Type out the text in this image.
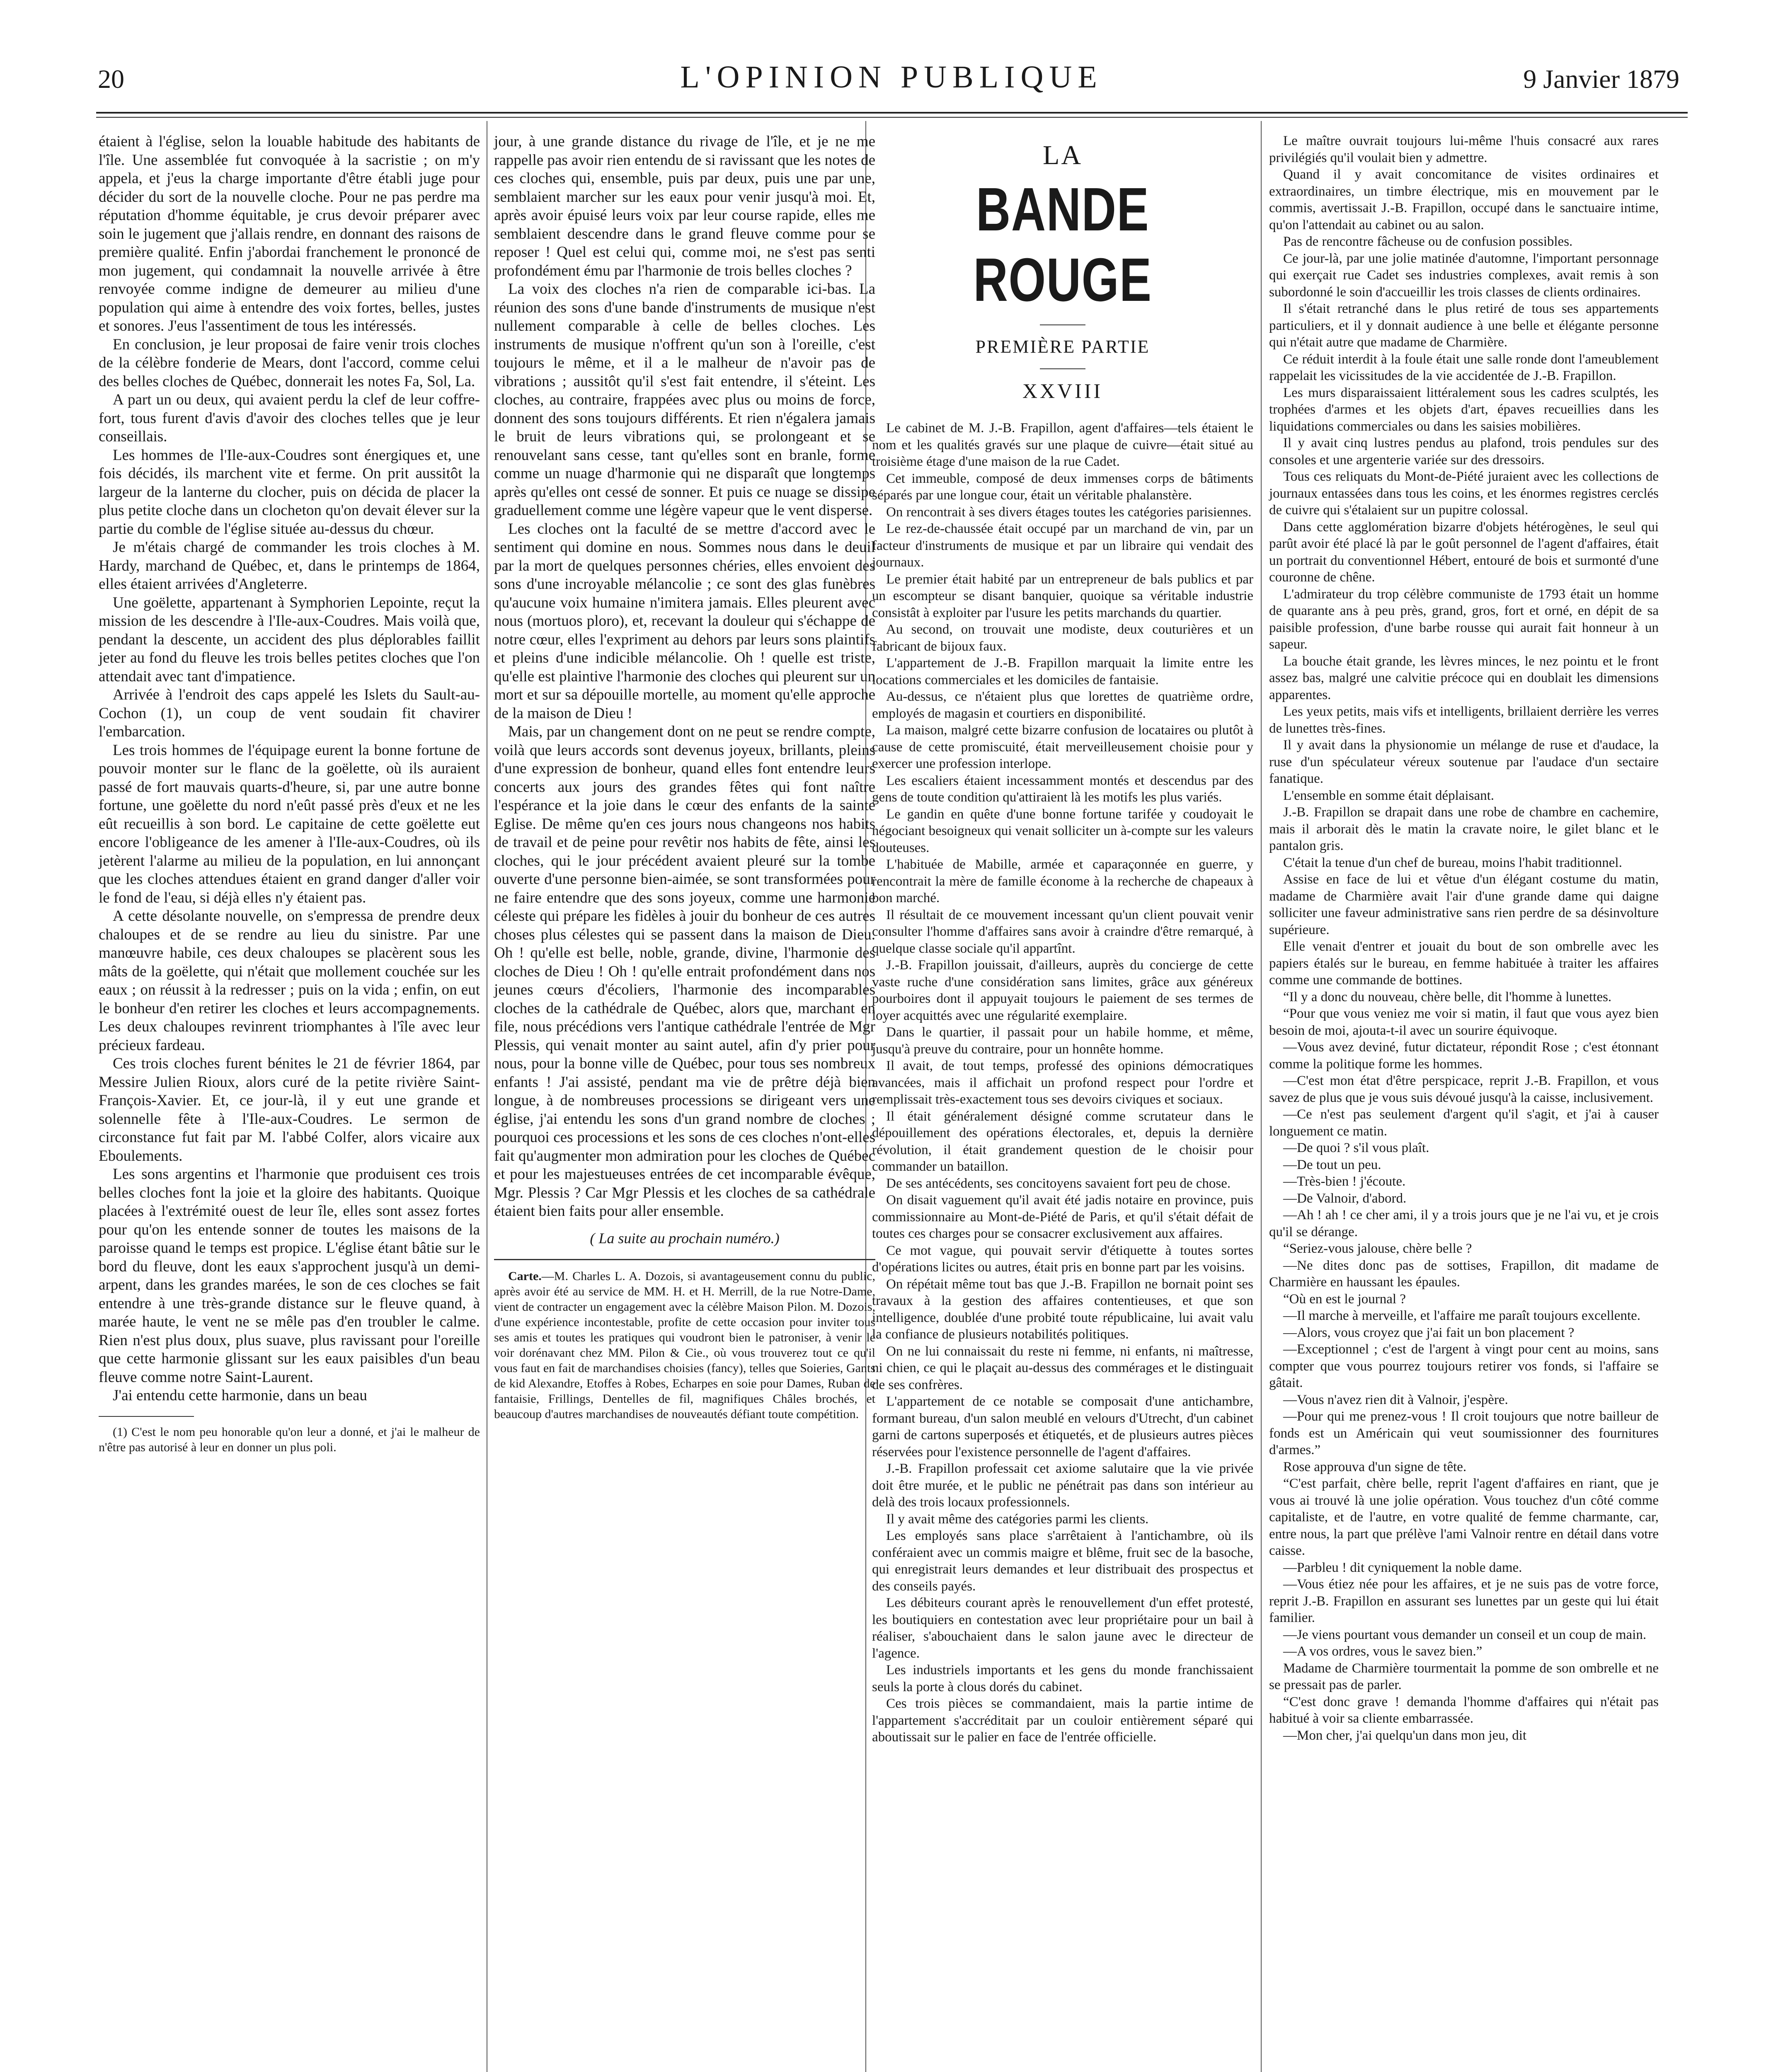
20	L'OPINION PUBLIQUE	9 Janvier 1879

étaient à l'église, selon la louable habitude des habitants de l'île. Une assemblée fut convoquée à la sacristie ; on m'y appela, et j'eus la charge importante d'être établi juge pour décider du sort de la nouvelle cloche. Pour ne pas perdre ma réputation d'homme équitable, je crus devoir préparer avec soin le jugement que j'allais rendre, en donnant des raisons de première qualité. Enfin j'abordai franchement le prononcé de mon jugement, qui condamnait la nouvelle arrivée à être renvoyée comme indigne de demeurer au milieu d'une population qui aime à entendre des voix fortes, belles, justes et sonores. J'eus l'assentiment de tous les intéressés.

En conclusion, je leur proposai de faire venir trois cloches de la célèbre fonderie de Mears, dont l'accord, comme celui des belles cloches de Québec, donnerait les notes Fa, Sol, La.

A part un ou deux, qui avaient perdu la clef de leur coffre-fort, tous furent d'avis d'avoir des cloches telles que je leur conseillais.

Les hommes de l'Ile-aux-Coudres sont énergiques et, une fois décidés, ils marchent vite et ferme. On prit aussitôt la largeur de la lanterne du clocher, puis on décida de placer la plus petite cloche dans un clocheton qu'on devait élever sur la partie du comble de l'église située au-dessus du chœur.

Je m'étais chargé de commander les trois cloches à M. Hardy, marchand de Québec, et, dans le printemps de 1864, elles étaient arrivées d'Angleterre.

Une goëlette, appartenant à Symphorien Lepointe, reçut la mission de les descendre à l'Ile-aux-Coudres. Mais voilà que, pendant la descente, un accident des plus déplorables faillit jeter au fond du fleuve les trois belles petites cloches que l'on attendait avec tant d'impatience.

Arrivée à l'endroit des caps appelé les Islets du Sault-au-Cochon (1), un coup de vent soudain fit chavirer l'embarcation.

Les trois hommes de l'équipage eurent la bonne fortune de pouvoir monter sur le flanc de la goëlette, où ils auraient passé de fort mauvais quarts-d'heure, si, par une autre bonne fortune, une goëlette du nord n'eût passé près d'eux et ne les eût recueillis à son bord. Le capitaine de cette goëlette eut encore l'obligeance de les amener à l'Ile-aux-Coudres, où ils jetèrent l'alarme au milieu de la population, en lui annonçant que les cloches attendues étaient en grand danger d'aller voir le fond de l'eau, si déjà elles n'y étaient pas.

A cette désolante nouvelle, on s'empressa de prendre deux chaloupes et de se rendre au lieu du sinistre. Par une manœuvre habile, ces deux chaloupes se placèrent sous les mâts de la goëlette, qui n'était que mollement couchée sur les eaux ; on réussit à la redresser ; puis on la vida ; enfin, on eut le bonheur d'en retirer les cloches et leurs accompagnements. Les deux chaloupes revinrent triomphantes à l'île avec leur précieux fardeau.

Ces trois cloches furent bénites le 21 de février 1864, par Messire Julien Rioux, alors curé de la petite rivière Saint-François-Xavier. Et, ce jour-là, il y eut une grande et solennelle fête à l'Ile-aux-Coudres. Le sermon de circonstance fut fait par M. l'abbé Colfer, alors vicaire aux Eboulements.

Les sons argentins et l'harmonie que produisent ces trois belles cloches font la joie et la gloire des habitants. Quoique placées à l'extrémité ouest de leur île, elles sont assez fortes pour qu'on les entende sonner de toutes les maisons de la paroisse quand le temps est propice. L'église étant bâtie sur le bord du fleuve, dont les eaux s'approchent jusqu'à un demi-arpent, dans les grandes marées, le son de ces cloches se fait entendre à une très-grande distance sur le fleuve quand, à marée haute, le vent ne se mêle pas d'en troubler le calme. Rien n'est plus doux, plus suave, plus ravissant pour l'oreille que cette harmonie glissant sur les eaux paisibles d'un beau fleuve comme notre Saint-Laurent.

J'ai entendu cette harmonie, dans un beau

(1) C'est le nom peu honorable qu'on leur a donné, et j'ai le malheur de n'être pas autorisé à leur en donner un plus poli.

jour, à une grande distance du rivage de l'île, et je ne me rappelle pas avoir rien entendu de si ravissant que les notes de ces cloches qui, ensemble, puis par deux, puis une par une, semblaient marcher sur les eaux pour venir jusqu'à moi. Et, après avoir épuisé leurs voix par leur course rapide, elles me semblaient descendre dans le grand fleuve comme pour se reposer ! Quel est celui qui, comme moi, ne s'est pas senti profondément ému par l'harmonie de trois belles cloches ?

La voix des cloches n'a rien de comparable ici-bas. La réunion des sons d'une bande d'instruments de musique n'est nullement comparable à celle de belles cloches. Les instruments de musique n'offrent qu'un son à l'oreille, c'est toujours le même, et il a le malheur de n'avoir pas de vibrations ; aussitôt qu'il s'est fait entendre, il s'éteint. Les cloches, au contraire, frappées avec plus ou moins de force, donnent des sons toujours différents. Et rien n'égalera jamais le bruit de leurs vibrations qui, se prolongeant et se renouvelant sans cesse, tant qu'elles sont en branle, forme comme un nuage d'harmonie qui ne disparaît que longtemps après qu'elles ont cessé de sonner. Et puis ce nuage se dissipe graduellement comme une légère vapeur que le vent disperse.

Les cloches ont la faculté de se mettre d'accord avec le sentiment qui domine en nous. Sommes nous dans le deuil par la mort de quelques personnes chéries, elles envoient des sons d'une incroyable mélancolie ; ce sont des glas funèbres qu'aucune voix humaine n'imitera jamais. Elles pleurent avec nous (mortuos ploro), et, recevant la douleur qui s'échappe de notre cœur, elles l'expriment au dehors par leurs sons plaintifs et pleins d'une indicible mélancolie. Oh ! quelle est triste, qu'elle est plaintive l'harmonie des cloches qui pleurent sur un mort et sur sa dépouille mortelle, au moment qu'elle approche de la maison de Dieu !

Mais, par un changement dont on ne peut se rendre compte, voilà que leurs accords sont devenus joyeux, brillants, pleins d'une expression de bonheur, quand elles font entendre leurs concerts aux jours des grandes fêtes qui font naître l'espérance et la joie dans le cœur des enfants de la sainte Eglise. De même qu'en ces jours nous changeons nos habits de travail et de peine pour revêtir nos habits de fête, ainsi les cloches, qui le jour précédent avaient pleuré sur la tombe ouverte d'une personne bien-aimée, se sont transformées pour ne faire entendre que des sons joyeux, comme une harmonie céleste qui prépare les fidèles à jouir du bonheur de ces autres choses plus célestes qui se passent dans la maison de Dieu. Oh ! qu'elle est belle, noble, grande, divine, l'harmonie des cloches de Dieu ! Oh ! qu'elle entrait profondément dans nos jeunes cœurs d'écoliers, l'harmonie des incomparables cloches de la cathédrale de Québec, alors que, marchant en file, nous précédions vers l'antique cathédrale l'entrée de Mgr Plessis, qui venait monter au saint autel, afin d'y prier pour nous, pour la bonne ville de Québec, pour tous ses nombreux enfants ! J'ai assisté, pendant ma vie de prêtre déjà bien longue, à de nombreuses processions se dirigeant vers une église, j'ai entendu les sons d'un grand nombre de cloches ; pourquoi ces processions et les sons de ces cloches n'ont-elles fait qu'augmenter mon admiration pour les cloches de Québec et pour les majestueuses entrées de cet incomparable évêque, Mgr. Plessis ? Car Mgr Plessis et les cloches de sa cathédrale étaient bien faits pour aller ensemble.

( La suite au prochain numéro.)

Carte.—M. Charles L. A. Dozois, si avantageusement connu du public, après avoir été au service de MM. H. et H. Merrill, de la rue Notre-Dame, vient de contracter un engagement avec la célèbre Maison Pilon. M. Dozois, d'une expérience incontestable, profite de cette occasion pour inviter tous ses amis et toutes les pratiques qui voudront bien le patroniser, à venir le voir dorénavant chez MM. Pilon & Cie., où vous trouverez tout ce qu'il vous faut en fait de marchandises choisies (fancy), telles que Soieries, Gants de kid Alexandre, Etoffes à Robes, Echarpes en soie pour Dames, Ruban de fantaisie, Frillings, Dentelles de fil, magnifiques Châles brochés, et beaucoup d'autres marchandises de nouveautés défiant toute compétition.

LA
BANDE ROUGE
PREMIÈRE PARTIE
XXVIII

Le cabinet de M. J.-B. Frapillon, agent d'affaires—tels étaient le nom et les qualités gravés sur une plaque de cuivre—était situé au troisième étage d'une maison de la rue Cadet.

Cet immeuble, composé de deux immenses corps de bâtiments séparés par une longue cour, était un véritable phalanstère.

On rencontrait à ses divers étages toutes les catégories parisiennes.

Le rez-de-chaussée était occupé par un marchand de vin, par un facteur d'instruments de musique et par un libraire qui vendait des journaux.

Le premier était habité par un entrepreneur de bals publics et par un escompteur se disant banquier, quoique sa véritable industrie consistât à exploiter par l'usure les petits marchands du quartier.

Au second, on trouvait une modiste, deux couturières et un fabricant de bijoux faux.

L'appartement de J.-B. Frapillon marquait la limite entre les locations commerciales et les domiciles de fantaisie.

Au-dessus, ce n'étaient plus que lorettes de quatrième ordre, employés de magasin et courtiers en disponibilité.

La maison, malgré cette bizarre confusion de locataires ou plutôt à cause de cette promiscuité, était merveilleusement choisie pour y exercer une profession interlope.

Les escaliers étaient incessamment montés et descendus par des gens de toute condition qu'attiraient là les motifs les plus variés.

Le gandin en quête d'une bonne fortune tarifée y coudoyait le négociant besoigneux qui venait solliciter un à-compte sur les valeurs douteuses.

L'habituée de Mabille, armée et caparaçonnée en guerre, y rencontrait la mère de famille économe à la recherche de chapeaux à bon marché.

Il résultait de ce mouvement incessant qu'un client pouvait venir consulter l'homme d'affaires sans avoir à craindre d'être remarqué, à quelque classe sociale qu'il appartînt.

J.-B. Frapillon jouissait, d'ailleurs, auprès du concierge de cette vaste ruche d'une considération sans limites, grâce aux généreux pourboires dont il appuyait toujours le paiement de ses termes de loyer acquittés avec une régularité exemplaire.

Dans le quartier, il passait pour un habile homme, et même, jusqu'à preuve du contraire, pour un honnête homme.

Il avait, de tout temps, professé des opinions démocratiques avancées, mais il affichait un profond respect pour l'ordre et remplissait très-exactement tous ses devoirs civiques et sociaux.

Il était généralement désigné comme scrutateur dans le dépouillement des opérations électorales, et, depuis la dernière révolution, il était grandement question de le choisir pour commander un bataillon.

De ses antécédents, ses concitoyens savaient fort peu de chose.

On disait vaguement qu'il avait été jadis notaire en province, puis commissionnaire au Mont-de-Piété de Paris, et qu'il s'était défait de toutes ces charges pour se consacrer exclusivement aux affaires.

Ce mot vague, qui pouvait servir d'étiquette à toutes sortes d'opérations licites ou autres, était pris en bonne part par les voisins.

On répétait même tout bas que J.-B. Frapillon ne bornait point ses travaux à la gestion des affaires contentieuses, et que son intelligence, doublée d'une probité toute républicaine, lui avait valu la confiance de plusieurs notabilités politiques.

On ne lui connaissait du reste ni femme, ni enfants, ni maîtresse, ni chien, ce qui le plaçait au-dessus des commérages et le distinguait de ses confrères.

L'appartement de ce notable se composait d'une antichambre, formant bureau, d'un salon meublé en velours d'Utrecht, d'un cabinet garni de cartons superposés et étiquetés, et de plusieurs autres pièces réservées pour l'existence personnelle de l'agent d'affaires.

J.-B. Frapillon professait cet axiome salutaire que la vie privée doit être murée, et le public ne pénétrait pas dans son intérieur au delà des trois locaux professionnels.

Il y avait même des catégories parmi les clients.

Les employés sans place s'arrêtaient à l'antichambre, où ils conféraient avec un commis maigre et blême, fruit sec de la basoche, qui enregistrait leurs demandes et leur distribuait des prospectus et des conseils payés.

Les débiteurs courant après le renouvellement d'un effet protesté, les boutiquiers en contestation avec leur propriétaire pour un bail à réaliser, s'abouchaient dans le salon jaune avec le directeur de l'agence.

Les industriels importants et les gens du monde franchissaient seuls la porte à clous dorés du cabinet.

Ces trois pièces se commandaient, mais la partie intime de l'appartement s'accréditait par un couloir entièrement séparé qui aboutissait sur le palier en face de l'entrée officielle.

Le maître ouvrait toujours lui-même l'huis consacré aux rares privilégiés qu'il voulait bien y admettre.

Quand il y avait concomitance de visites ordinaires et extraordinaires, un timbre électrique, mis en mouvement par le commis, avertissait J.-B. Frapillon, occupé dans le sanctuaire intime, qu'on l'attendait au cabinet ou au salon.

Pas de rencontre fâcheuse ou de confusion possibles.

Ce jour-là, par une jolie matinée d'automne, l'important personnage qui exerçait rue Cadet ses industries complexes, avait remis à son subordonné le soin d'accueillir les trois classes de clients ordinaires.

Il s'était retranché dans le plus retiré de tous ses appartements particuliers, et il y donnait audience à une belle et élégante personne qui n'était autre que madame de Charmière.

Ce réduit interdit à la foule était une salle ronde dont l'ameublement rappelait les vicissitudes de la vie accidentée de J.-B. Frapillon.

Les murs disparaissaient littéralement sous les cadres sculptés, les trophées d'armes et les objets d'art, épaves recueillies dans les liquidations commerciales ou dans les saisies mobilières.

Il y avait cinq lustres pendus au plafond, trois pendules sur des consoles et une argenterie variée sur des dressoirs.

Tous ces reliquats du Mont-de-Piété juraient avec les collections de journaux entassées dans tous les coins, et les énormes registres cerclés de cuivre qui s'étalaient sur un pupitre colossal.

Dans cette agglomération bizarre d'objets hétérogènes, le seul qui parût avoir été placé là par le goût personnel de l'agent d'affaires, était un portrait du conventionnel Hébert, entouré de bois et surmonté d'une couronne de chêne.

L'admirateur du trop célèbre communiste de 1793 était un homme de quarante ans à peu près, grand, gros, fort et orné, en dépit de sa paisible profession, d'une barbe rousse qui aurait fait honneur à un sapeur.

La bouche était grande, les lèvres minces, le nez pointu et le front assez bas, malgré une calvitie précoce qui en doublait les dimensions apparentes.

Les yeux petits, mais vifs et intelligents, brillaient derrière les verres de lunettes très-fines.

Il y avait dans la physionomie un mélange de ruse et d'audace, la ruse d'un spéculateur véreux soutenue par l'audace d'un sectaire fanatique.

L'ensemble en somme était déplaisant.

J.-B. Frapillon se drapait dans une robe de chambre en cachemire, mais il arborait dès le matin la cravate noire, le gilet blanc et le pantalon gris.

C'était la tenue d'un chef de bureau, moins l'habit traditionnel.

Assise en face de lui et vêtue d'un élégant costume du matin, madame de Charmière avait l'air d'une grande dame qui daigne solliciter une faveur administrative sans rien perdre de sa désinvolture supérieure.

Elle venait d'entrer et jouait du bout de son ombrelle avec les papiers étalés sur le bureau, en femme habituée à traiter les affaires comme une commande de bottines.

“Il y a donc du nouveau, chère belle, dit l'homme à lunettes.

“Pour que vous veniez me voir si matin, il faut que vous ayez bien besoin de moi, ajouta-t-il avec un sourire équivoque.

—Vous avez deviné, futur dictateur, répondit Rose ; c'est étonnant comme la politique forme les hommes.

—C'est mon état d'être perspicace, reprit J.-B. Frapillon, et vous savez de plus que je vous suis dévoué jusqu'à la caisse, inclusivement.

—Ce n'est pas seulement d'argent qu'il s'agit, et j'ai à causer longuement ce matin.

—De quoi ? s'il vous plaît.

—De tout un peu.

—Très-bien ! j'écoute.

—De Valnoir, d'abord.

—Ah ! ah ! ce cher ami, il y a trois jours que je ne l'ai vu, et je crois qu'il se dérange.

“Seriez-vous jalouse, chère belle ?

—Ne dites donc pas de sottises, Frapillon, dit madame de Charmière en haussant les épaules.

“Où en est le journal ?

—Il marche à merveille, et l'affaire me paraît toujours excellente.

—Alors, vous croyez que j'ai fait un bon placement ?

—Exceptionnel ; c'est de l'argent à vingt pour cent au moins, sans compter que vous pourrez toujours retirer vos fonds, si l'affaire se gâtait.

—Vous n'avez rien dit à Valnoir, j'espère.

—Pour qui me prenez-vous ! Il croit toujours que notre bailleur de fonds est un Américain qui veut soumissionner des fournitures d'armes.”

Rose approuva d'un signe de tête.

“C'est parfait, chère belle, reprit l'agent d'affaires en riant, que je vous ai trouvé là une jolie opération. Vous touchez d'un côté comme capitaliste, et de l'autre, en votre qualité de femme charmante, car, entre nous, la part que prélève l'ami Valnoir rentre en détail dans votre caisse.

—Parbleu ! dit cyniquement la noble dame.

—Vous étiez née pour les affaires, et je ne suis pas de votre force, reprit J.-B. Frapillon en assurant ses lunettes par un geste qui lui était familier.

—Je viens pourtant vous demander un conseil et un coup de main.

—A vos ordres, vous le savez bien.”

Madame de Charmière tourmentait la pomme de son ombrelle et ne se pressait pas de parler.

“C'est donc grave ! demanda l'homme d'affaires qui n'était pas habitué à voir sa cliente embarrassée.

—Mon cher, j'ai quelqu'un dans mon jeu, dit
